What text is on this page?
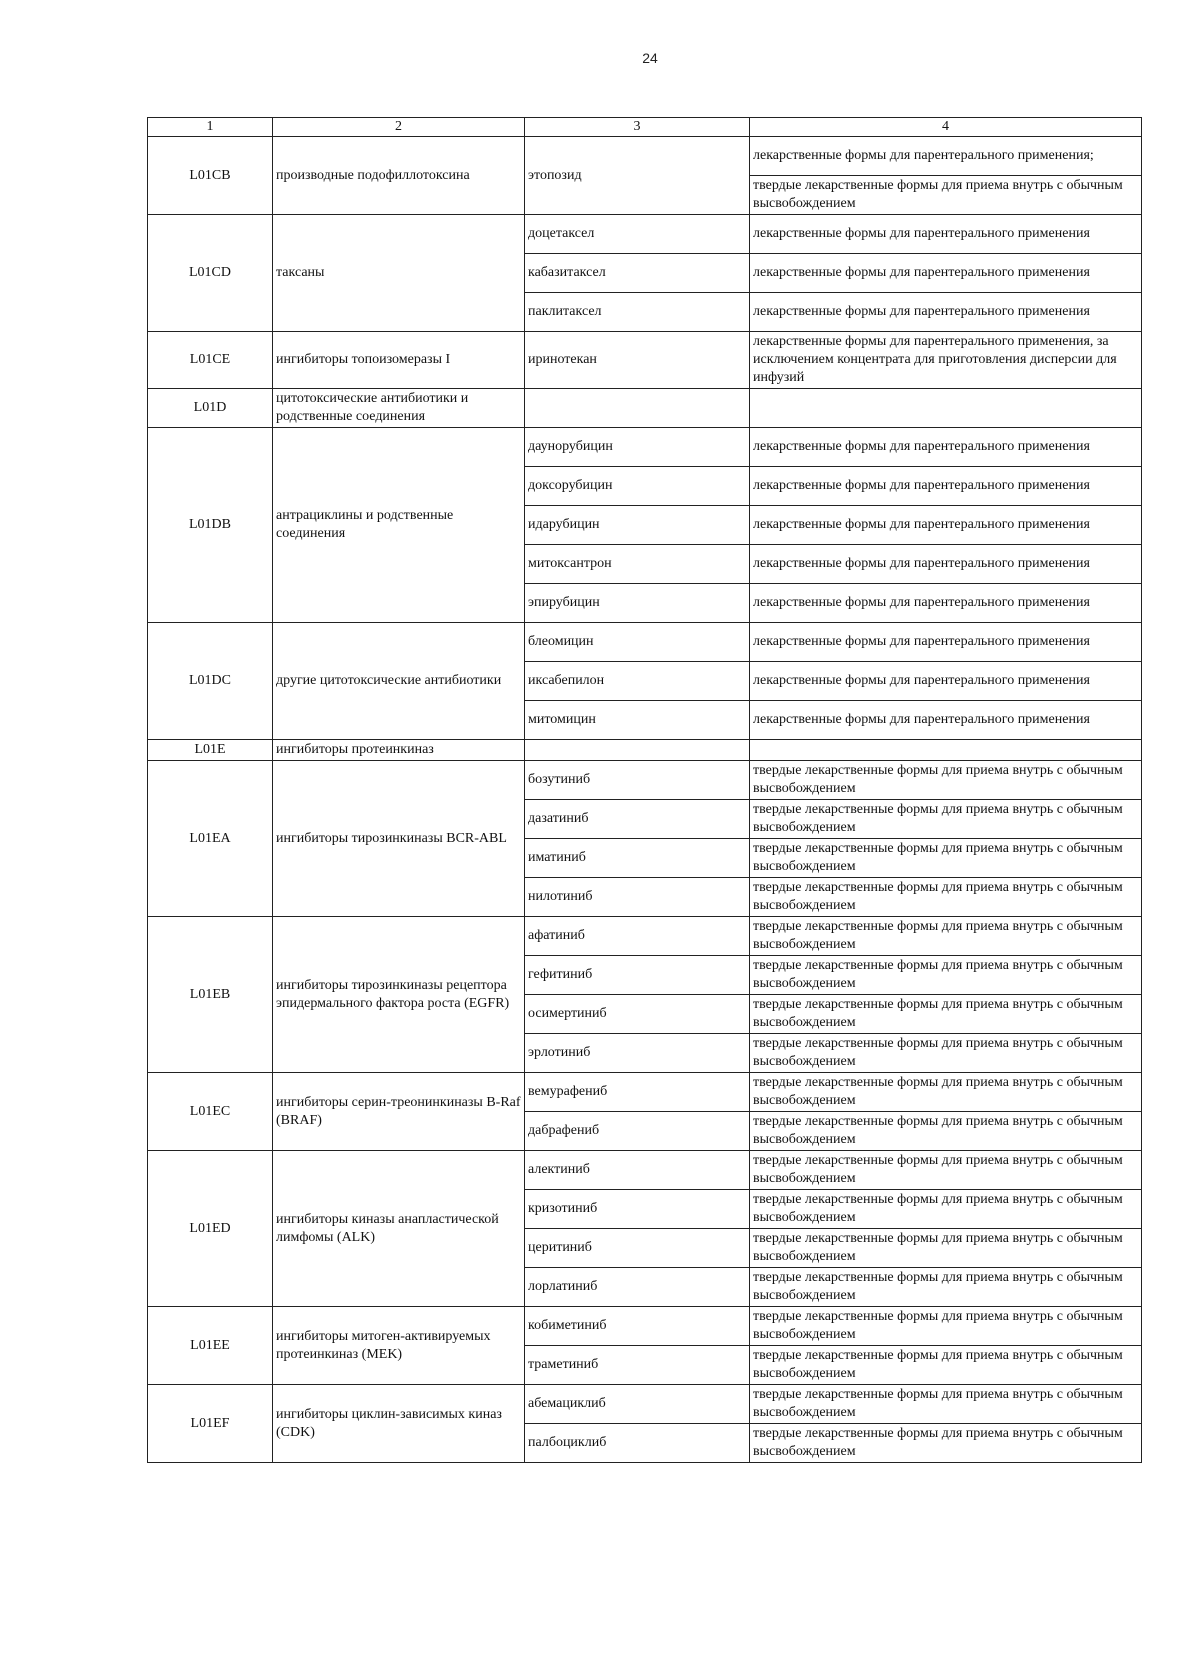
24
1	2	3	4
L01CB	производные подофиллотоксина	этопозид	лекарственные формы для парентерального применения;
			твердые лекарственные формы для приема внутрь с обычным высвобождением
L01CD	таксаны	доцетаксел	лекарственные формы для парентерального применения
		кабазитаксел	лекарственные формы для парентерального применения
		паклитаксел	лекарственные формы для парентерального применения
L01CE	ингибиторы топоизомеразы I	иринотекан	лекарственные формы для парентерального применения, за исключением концентрата для приготовления дисперсии для инфузий
L01D	цитотоксические антибиотики и родственные соединения		
L01DB	антрациклины и родственные соединения	даунорубицин	лекарственные формы для парентерального применения
		доксорубицин	лекарственные формы для парентерального применения
		идарубицин	лекарственные формы для парентерального применения
		митоксантрон	лекарственные формы для парентерального применения
		эпирубицин	лекарственные формы для парентерального применения
L01DC	другие цитотоксические антибиотики	блеомицин	лекарственные формы для парентерального применения
		иксабепилон	лекарственные формы для парентерального применения
		митомицин	лекарственные формы для парентерального применения
L01E	ингибиторы протеинкиназ		
L01EA	ингибиторы тирозинкиназы BCR-ABL	бозутиниб	твердые лекарственные формы для приема внутрь с обычным высвобождением
		дазатиниб	твердые лекарственные формы для приема внутрь с обычным высвобождением
		иматиниб	твердые лекарственные формы для приема внутрь с обычным высвобождением
		нилотиниб	твердые лекарственные формы для приема внутрь с обычным высвобождением
L01EB	ингибиторы тирозинкиназы рецептора эпидермального фактора роста (EGFR)	афатиниб	твердые лекарственные формы для приема внутрь с обычным высвобождением
		гефитиниб	твердые лекарственные формы для приема внутрь с обычным высвобождением
		осимертиниб	твердые лекарственные формы для приема внутрь с обычным высвобождением
		эрлотиниб	твердые лекарственные формы для приема внутрь с обычным высвобождением
L01EC	ингибиторы серин-треонинкиназы B-Raf (BRAF)	вемурафениб	твердые лекарственные формы для приема внутрь с обычным высвобождением
		дабрафениб	твердые лекарственные формы для приема внутрь с обычным высвобождением
L01ED	ингибиторы киназы анапластической лимфомы (ALK)	алектиниб	твердые лекарственные формы для приема внутрь с обычным высвобождением
		кризотиниб	твердые лекарственные формы для приема внутрь с обычным высвобождением
		церитиниб	твердые лекарственные формы для приема внутрь с обычным высвобождением
		лорлатиниб	твердые лекарственные формы для приема внутрь с обычным высвобождением
L01EE	ингибиторы митоген-активируемых протеинкиназ (MEK)	кобиметиниб	твердые лекарственные формы для приема внутрь с обычным высвобождением
		траметиниб	твердые лекарственные формы для приема внутрь с обычным высвобождением
L01EF	ингибиторы циклин-зависимых киназ (CDK)	абемациклиб	твердые лекарственные формы для приема внутрь с обычным высвобождением
		палбоциклиб	твердые лекарственные формы для приема внутрь с обычным высвобождением
